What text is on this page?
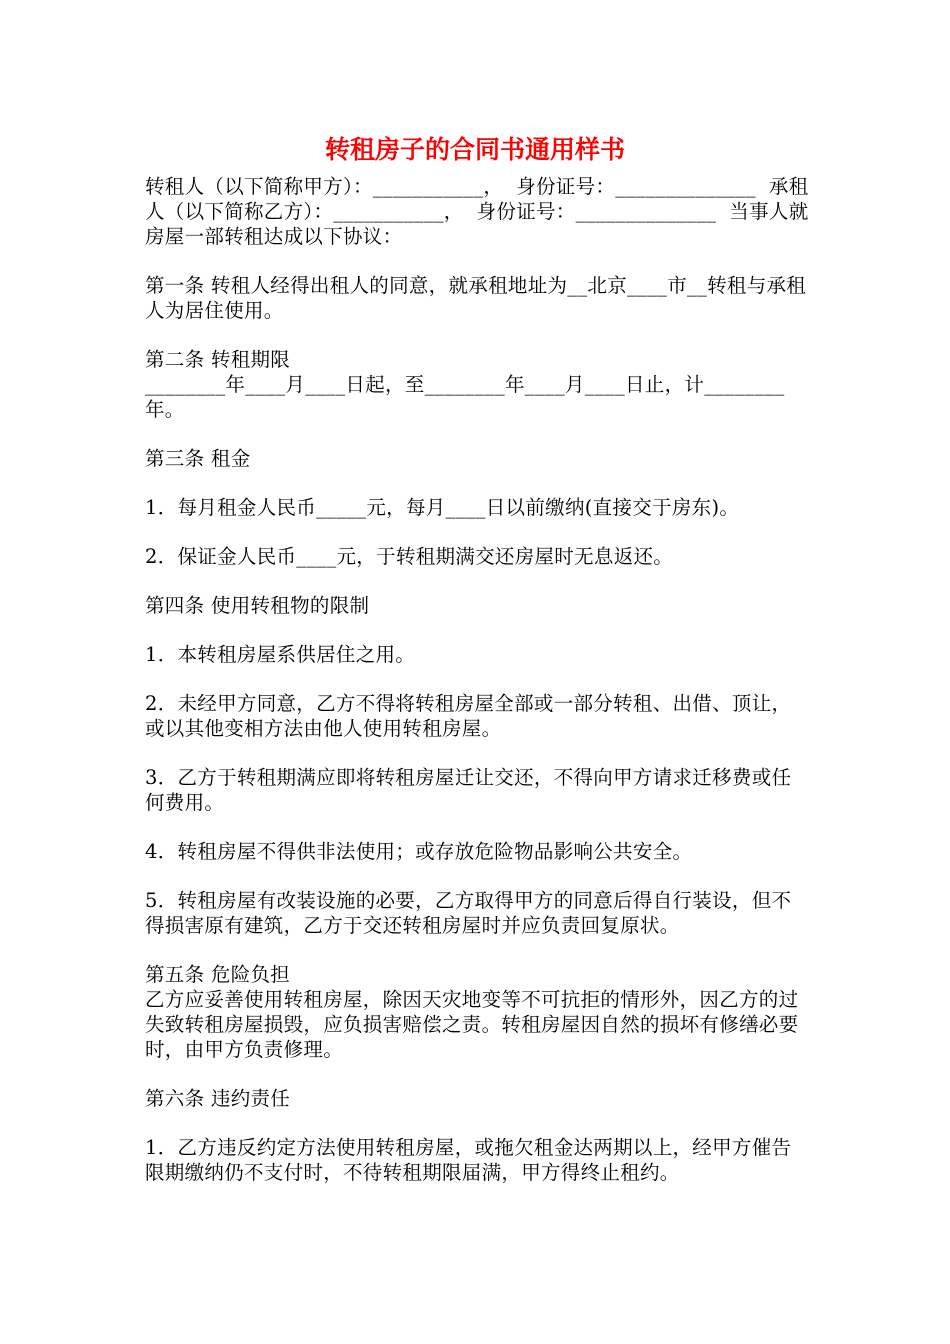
转租房子的合同书通用样书

转租人（以下简称甲方）：___________，  身份证号：______________  承租人（以下简称乙方）：___________，  身份证号：______________  当事人就房屋一部转租达成以下协议：

第一条 转租人经得出租人的同意，就承租地址为__北京____市__转租与承租人为居住使用。

第二条 转租期限

________年____月____日起，至________年____月____日止，计________年。

第三条 租金

1．每月租金人民币_____元，每月____日以前缴纳(直接交于房东)。

2．保证金人民币____元，于转租期满交还房屋时无息返还。

第四条 使用转租物的限制

1．本转租房屋系供居住之用。

2．未经甲方同意，乙方不得将转租房屋全部或一部分转租、出借、顶让，或以其他变相方法由他人使用转租房屋。

3．乙方于转租期满应即将转租房屋迁让交还，不得向甲方请求迁移费或任何费用。

4．转租房屋不得供非法使用；或存放危险物品影响公共安全。

5．转租房屋有改装设施的必要，乙方取得甲方的同意后得自行装设，但不得损害原有建筑，乙方于交还转租房屋时并应负责回复原状。

第五条 危险负担

乙方应妥善使用转租房屋，除因天灾地变等不可抗拒的情形外，因乙方的过失致转租房屋损毁，应负损害赔偿之责。转租房屋因自然的损坏有修缮必要时，由甲方负责修理。

第六条 违约责任

1．乙方违反约定方法使用转租房屋，或拖欠租金达两期以上，经甲方催告限期缴纳仍不支付时，不待转租期限届满，甲方得终止租约。
